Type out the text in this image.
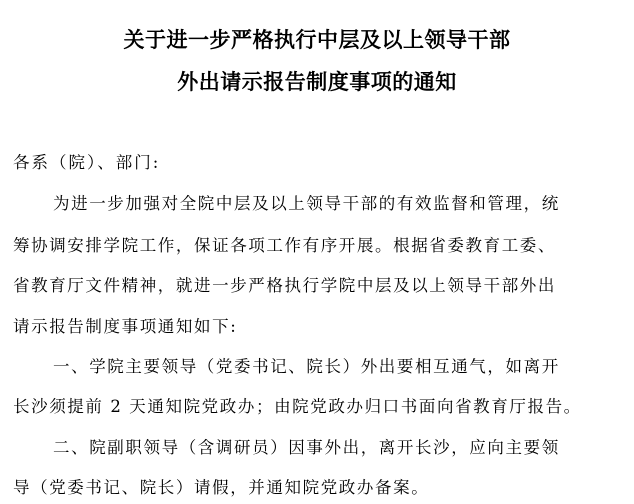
关于进一步严格执行中层及以上领导干部
外出请示报告制度事项的通知
各系（院）、部门:
为进一步加强对全院中层及以上领导干部的有效监督和管理，统
筹协调安排学院工作，保证各项工作有序开展。根据省委教育工委、
省教育厅文件精神，就进一步严格执行学院中层及以上领导干部外出
请示报告制度事项通知如下:
一、学院主要领导（党委书记、院长）外出要相互通气，如离开
长沙须提前 2 天通知院党政办；由院党政办归口书面向省教育厅报告。
二、院副职领导（含调研员）因事外出，离开长沙，应向主要领
导（党委书记、院长）请假，并通知院党政办备案。
